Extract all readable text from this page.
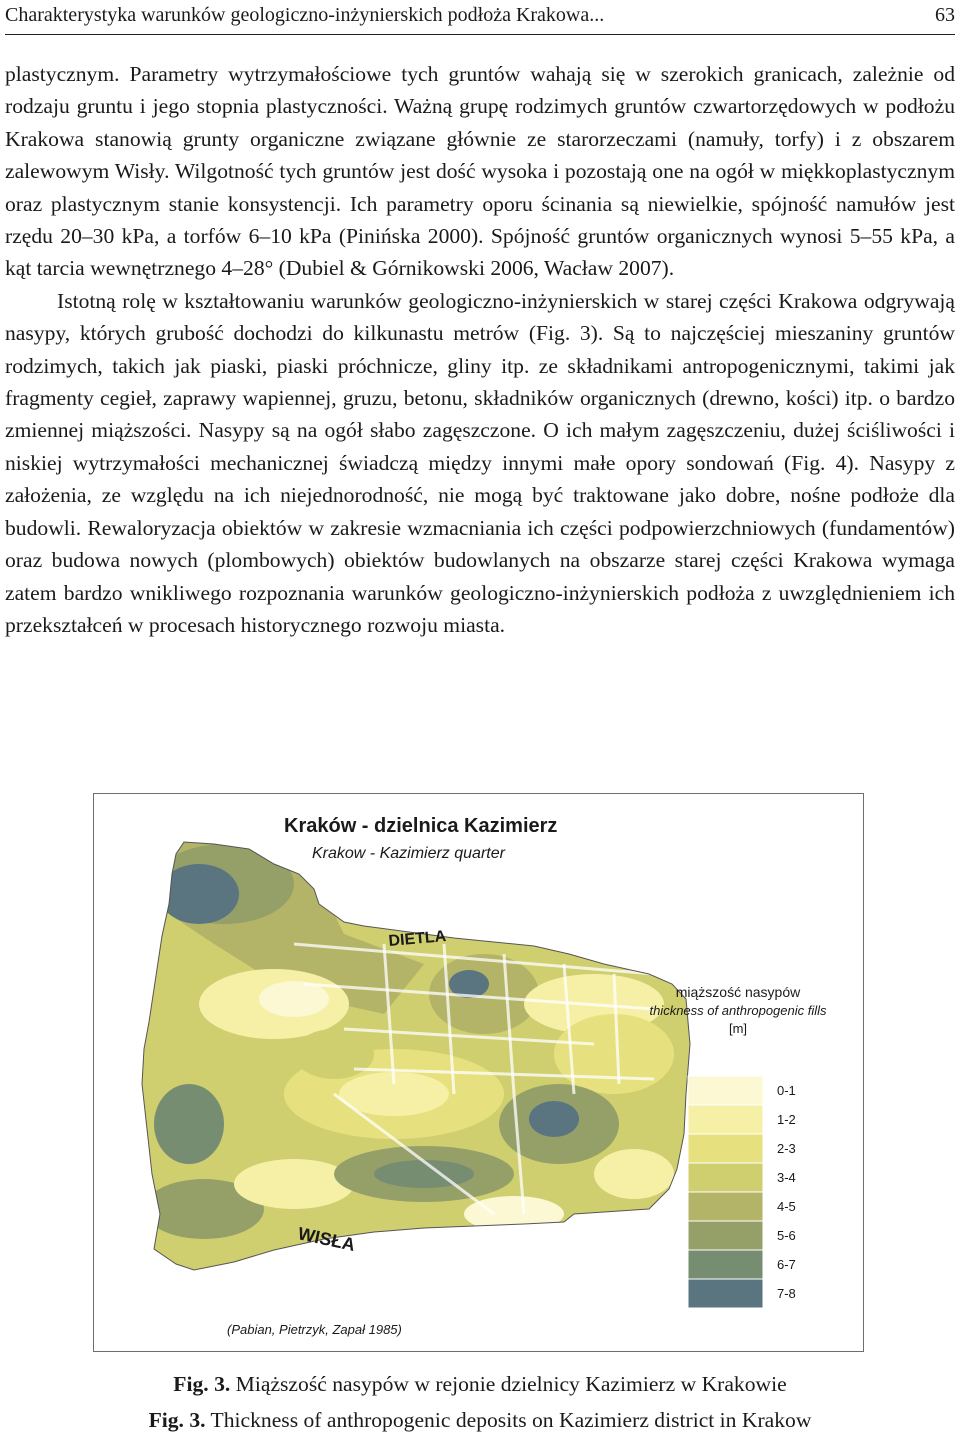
Charakterystyka warunków geologiczno-inżynierskich podłoża Krakowa...	63

plastycznym. Parametry wytrzymałościowe tych gruntów wahają się w szerokich granicach, zależnie od rodzaju gruntu i jego stopnia plastyczności. Ważną grupę rodzimych gruntów czwartorzędowych w podłożu Krakowa stanowią grunty organiczne związane głównie ze starorzeczami (namuły, torfy) i z obszarem zalewowym Wisły. Wilgotność tych gruntów jest dość wysoka i pozostają one na ogół w miękkoplastycznym oraz plastycznym stanie konsystencji. Ich parametry oporu ścinania są niewielkie, spójność namułów jest rzędu 20–30 kPa, a torfów 6–10 kPa (Pinińska 2000). Spójność gruntów organicznych wynosi 5–55 kPa, a kąt tarcia wewnętrznego 4–28° (Dubiel & Górnikowski 2006, Wacław 2007).

Istotną rolę w kształtowaniu warunków geologiczno-inżynierskich w starej części Krakowa odgrywają nasypy, których grubość dochodzi do kilkunastu metrów (Fig. 3). Są to najczęściej mieszaniny gruntów rodzimych, takich jak piaski, piaski próchnicze, gliny itp. ze składnikami antropogenicznymi, takimi jak fragmenty cegieł, zaprawy wapiennej, gruzu, betonu, składników organicznych (drewno, kości) itp. o bardzo zmiennej miąższości. Nasypy są na ogół słabo zagęszczone. O ich małym zagęszczeniu, dużej ściśliwości i niskiej wytrzymałości mechanicznej świadczą między innymi małe opory sondowań (Fig. 4). Nasypy z założenia, ze względu na ich niejednorodność, nie mogą być traktowane jako dobre, nośne podłoże dla budowli. Rewaloryzacja obiektów w zakresie wzmacniania ich części podpowierzchniowych (fundamentów) oraz budowa nowych (plombowych) obiektów budowlanych na obszarze starej części Krakowa wymaga zatem bardzo wnikliwego rozpoznania warunków geologiczno-inżynierskich podłoża z uwzględnieniem ich przekształceń w procesach historycznego rozwoju miasta.

Kraków - dzielnica Kazimierz
Krakow - Kazimierz quarter
DIETLA
WISŁA
miąższość nasypów
thickness of anthropogenic fills
[m]
0-1
1-2
2-3
3-4
4-5
5-6
6-7
7-8
(Pabian, Pietrzyk, Zapał 1985)
Fig. 3. Miąższość nasypów w rejonie dzielnicy Kazimierz w Krakowie
Fig. 3. Thickness of anthropogenic deposits on Kazimierz district in Krakow
